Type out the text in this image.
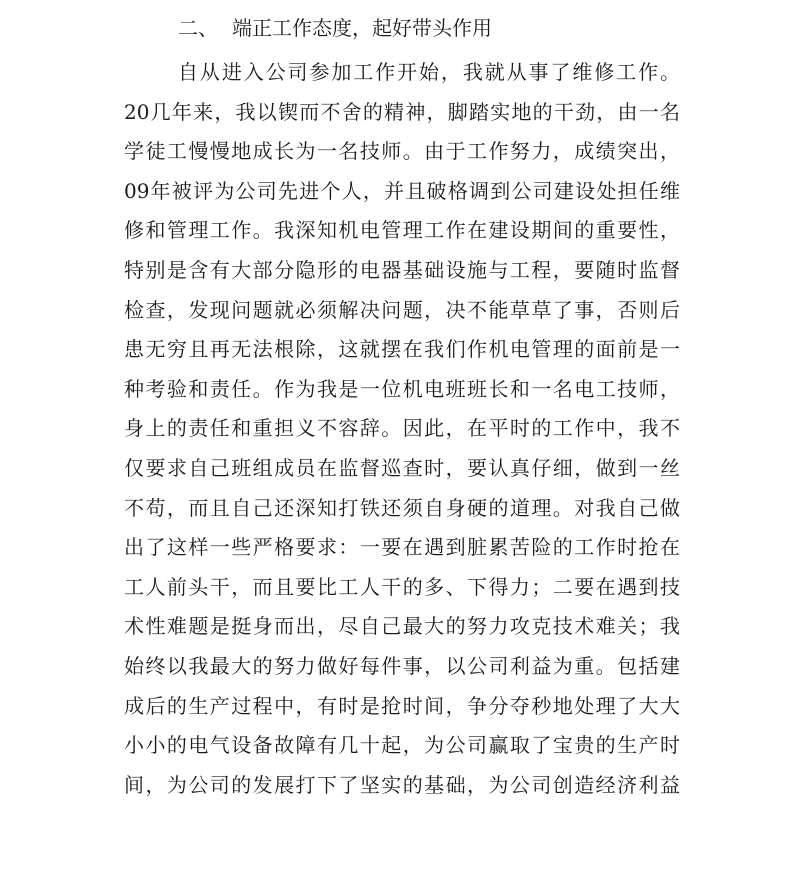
二、 端正工作态度，起好带头作用
自从进入公司参加工作开始，我就从事了维修工作。
20几年来，我以锲而不舍的精神，脚踏实地的干劲，由一名
学徒工慢慢地成长为一名技师。由于工作努力，成绩突出，
09年被评为公司先进个人，并且破格调到公司建设处担任维
修和管理工作。我深知机电管理工作在建设期间的重要性，
特别是含有大部分隐形的电器基础设施与工程，要随时监督
检查，发现问题就必须解决问题，决不能草草了事，否则后
患无穷且再无法根除，这就摆在我们作机电管理的面前是一
种考验和责任。作为我是一位机电班班长和一名电工技师，
身上的责任和重担义不容辞。因此，在平时的工作中，我不
仅要求自己班组成员在监督巡查时，要认真仔细，做到一丝
不苟，而且自己还深知打铁还须自身硬的道理。对我自己做
出了这样一些严格要求：一要在遇到脏累苦险的工作时抢在
工人前头干，而且要比工人干的多、下得力；二要在遇到技
术性难题是挺身而出，尽自己最大的努力攻克技术难关；我
始终以我最大的努力做好每件事，以公司利益为重。包括建
成后的生产过程中，有时是抢时间，争分夺秒地处理了大大
小小的电气设备故障有几十起，为公司赢取了宝贵的生产时
间，为公司的发展打下了坚实的基础，为公司创造经济利益
